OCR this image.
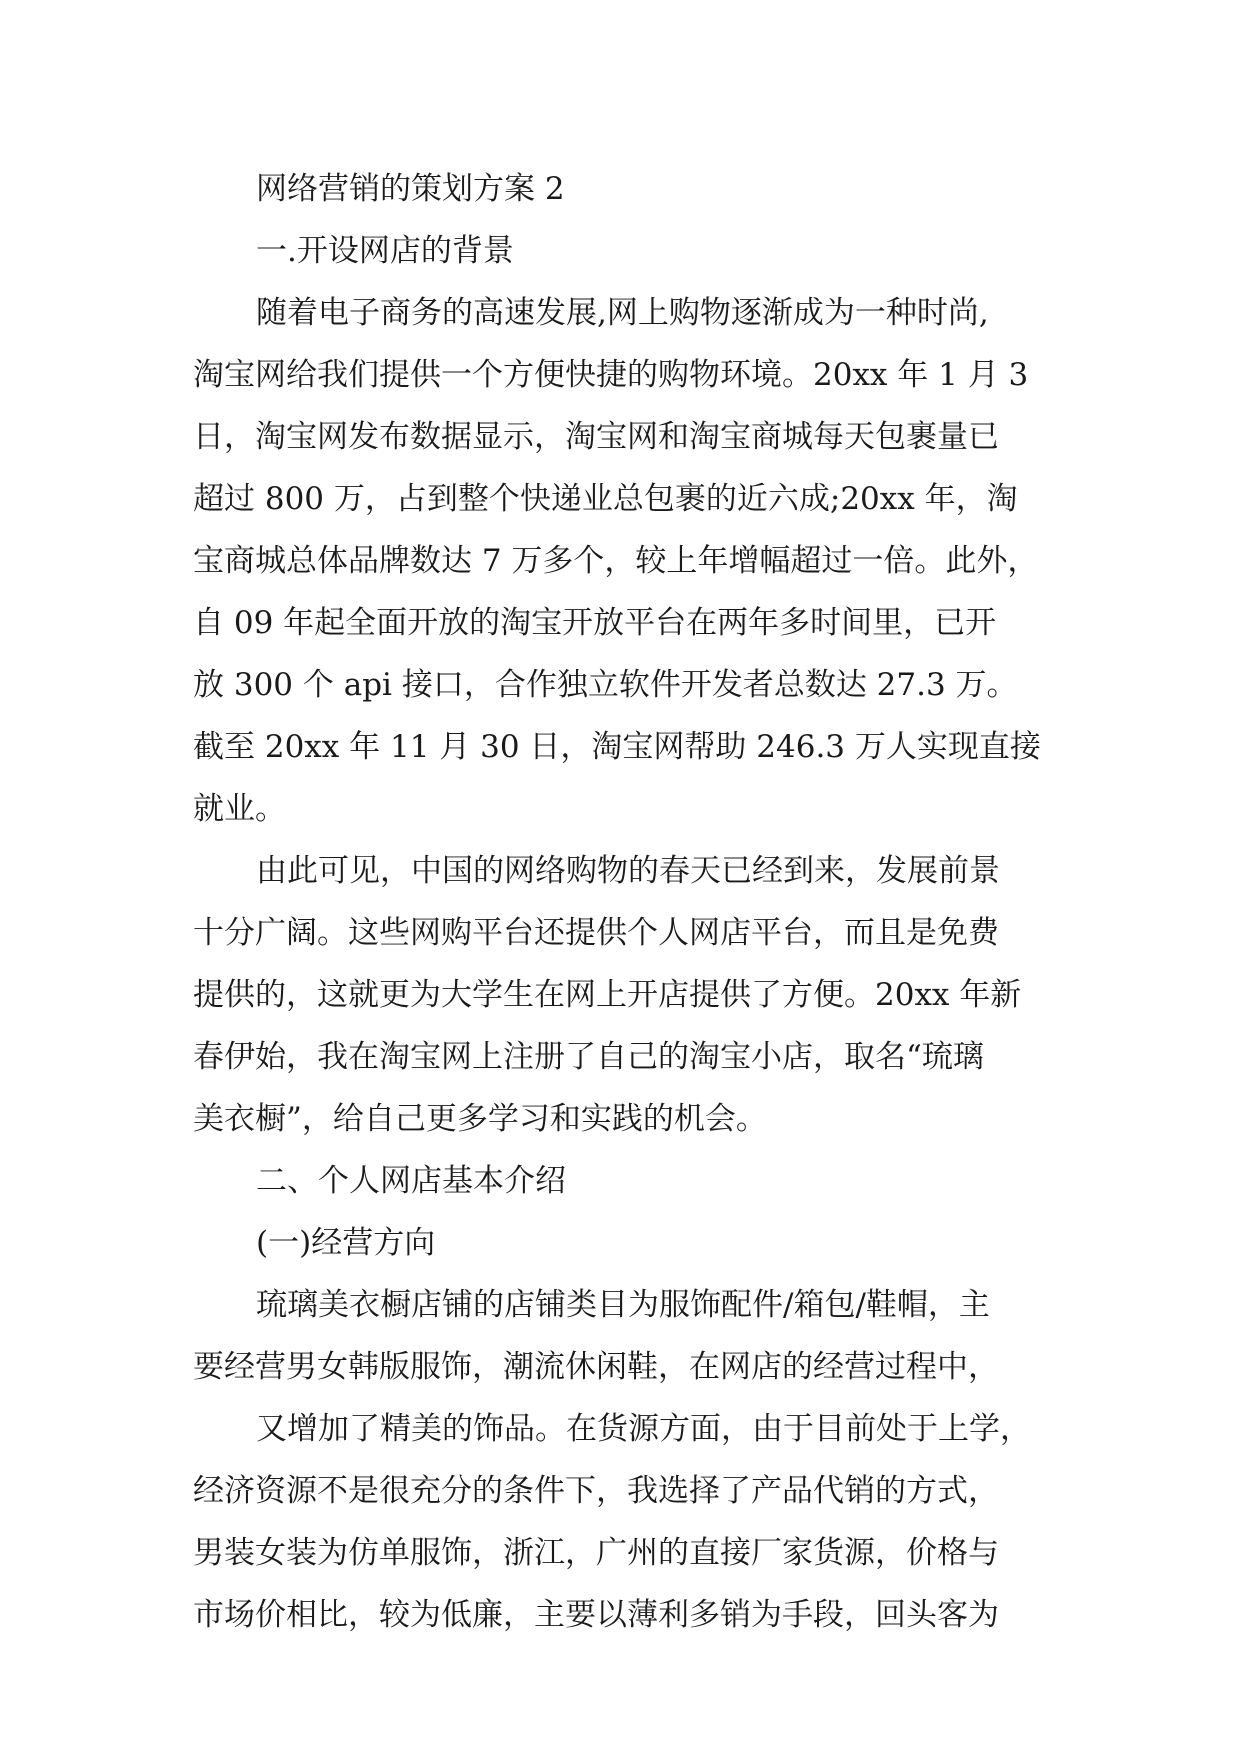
网络营销的策划方案 2
一.开设网店的背景
随着电子商务的高速发展,网上购物逐渐成为一种时尚,
淘宝网给我们提供一个方便快捷的购物环境。20xx 年 1 月 3
日，淘宝网发布数据显示，淘宝网和淘宝商城每天包裹量已
超过 800 万，占到整个快递业总包裹的近六成;20xx 年，淘
宝商城总体品牌数达 7 万多个，较上年增幅超过一倍。此外，
自 09 年起全面开放的淘宝开放平台在两年多时间里，已开
放 300 个 api 接口，合作独立软件开发者总数达 27.3 万。
截至 20xx 年 11 月 30 日，淘宝网帮助 246.3 万人实现直接
就业。
由此可见，中国的网络购物的春天已经到来，发展前景
十分广阔。这些网购平台还提供个人网店平台，而且是免费
提供的，这就更为大学生在网上开店提供了方便。20xx 年新
春伊始，我在淘宝网上注册了自己的淘宝小店，取名“琉璃
美衣橱”，给自己更多学习和实践的机会。
二、个人网店基本介绍
(一)经营方向
琉璃美衣橱店铺的店铺类目为服饰配件/箱包/鞋帽，主
要经营男女韩版服饰，潮流休闲鞋，在网店的经营过程中，
又增加了精美的饰品。在货源方面，由于目前处于上学，
经济资源不是很充分的条件下，我选择了产品代销的方式，
男装女装为仿单服饰，浙江，广州的直接厂家货源，价格与
市场价相比，较为低廉，主要以薄利多销为手段，回头客为
